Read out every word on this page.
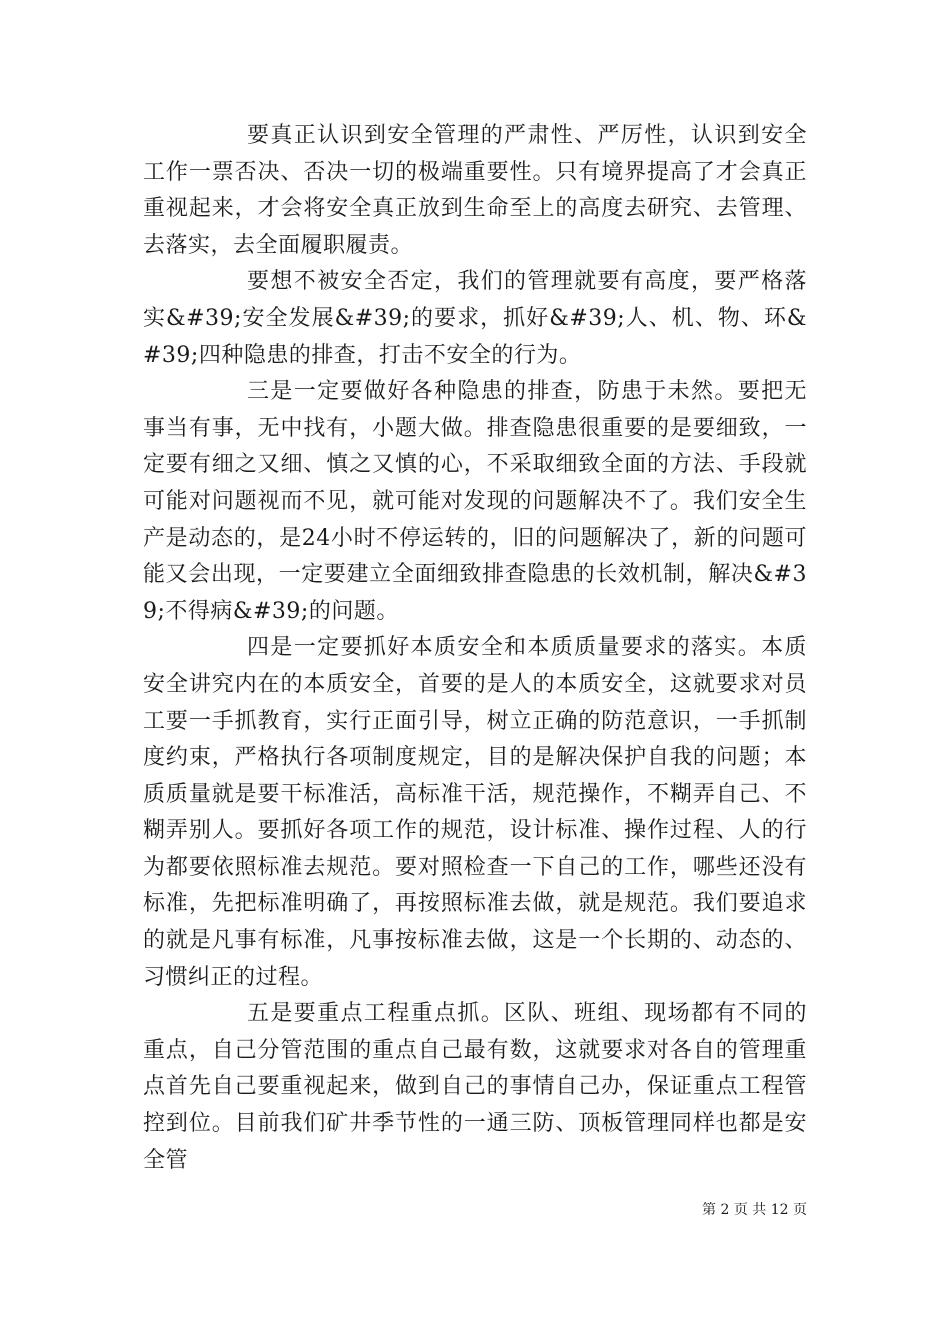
要真正认识到安全管理的严肃性、严厉性，认识到安全工作一票否决、否决一切的极端重要性。只有境界提高了才会真正重视起来，才会将安全真正放到生命至上的高度去研究、去管理、去落实，去全面履职履责。

要想不被安全否定，我们的管理就要有高度，要严格落实&#39;安全发展&#39;的要求，抓好&#39;人、机、物、环&#39;四种隐患的排查，打击不安全的行为。

三是一定要做好各种隐患的排查，防患于未然。要把无事当有事，无中找有，小题大做。排查隐患很重要的是要细致，一定要有细之又细、慎之又慎的心，不采取细致全面的方法、手段就可能对问题视而不见，就可能对发现的问题解决不了。我们安全生产是动态的，是24小时不停运转的，旧的问题解决了，新的问题可能又会出现，一定要建立全面细致排查隐患的长效机制，解决&#39;不得病&#39;的问题。

四是一定要抓好本质安全和本质质量要求的落实。本质安全讲究内在的本质安全，首要的是人的本质安全，这就要求对员工要一手抓教育，实行正面引导，树立正确的防范意识，一手抓制度约束，严格执行各项制度规定，目的是解决保护自我的问题；本质质量就是要干标准活，高标准干活，规范操作，不糊弄自己、不糊弄别人。要抓好各项工作的规范，设计标准、操作过程、人的行为都要依照标准去规范。要对照检查一下自己的工作，哪些还没有标准，先把标准明确了，再按照标准去做，就是规范。我们要追求的就是凡事有标准，凡事按标准去做，这是一个长期的、动态的、习惯纠正的过程。

五是要重点工程重点抓。区队、班组、现场都有不同的重点，自己分管范围的重点自己最有数，这就要求对各自的管理重点首先自己要重视起来，做到自己的事情自己办，保证重点工程管控到位。目前我们矿井季节性的一通三防、顶板管理同样也都是安全管

第 2 页 共 12 页
